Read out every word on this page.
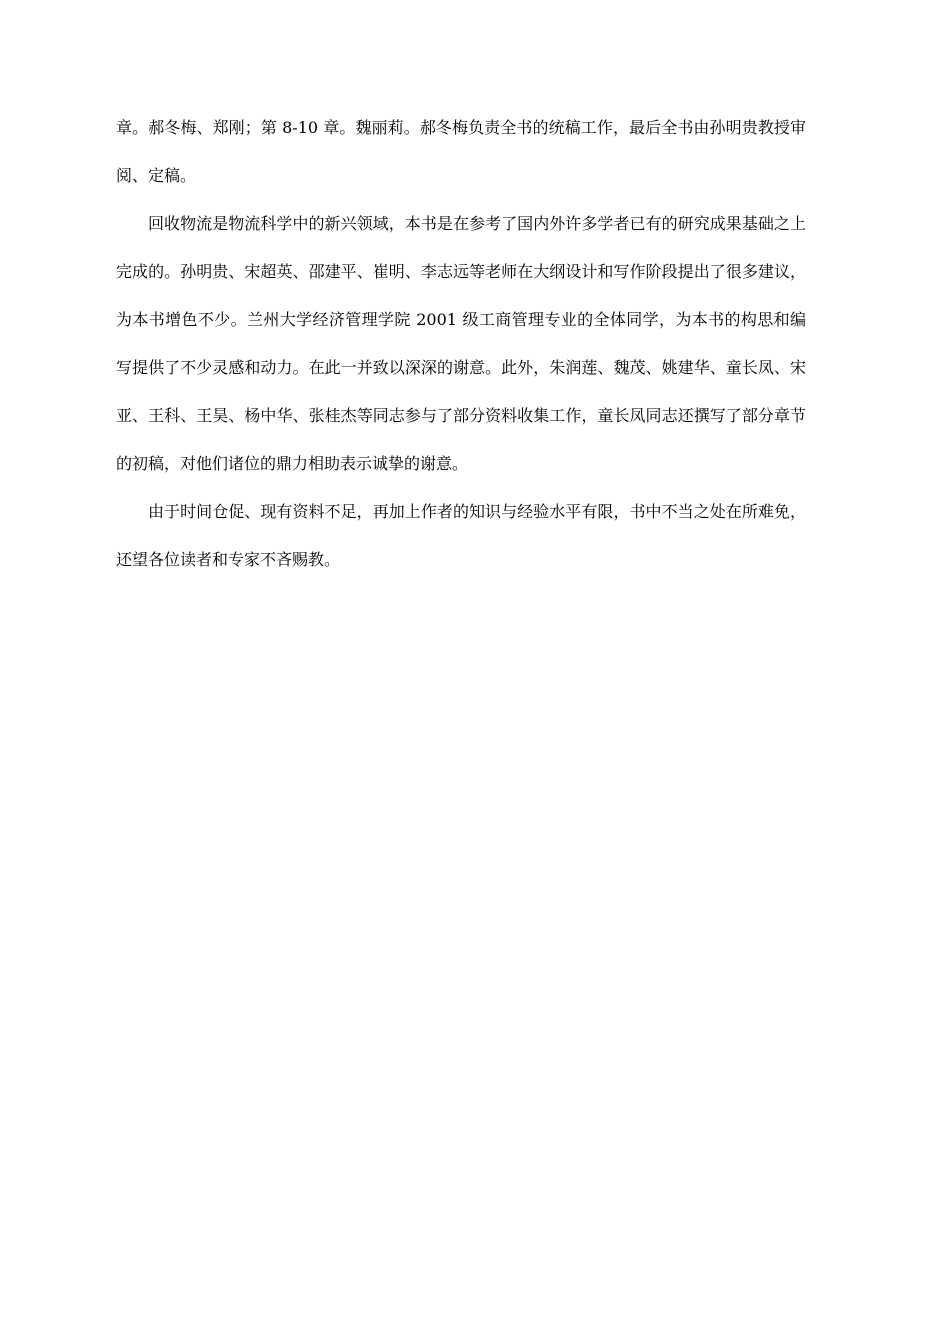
章。郝冬梅、郑刚；第 8-10 章。魏丽莉。郝冬梅负责全书的统稿工作，最后全书由孙明贵教授审阅、定稿。

回收物流是物流科学中的新兴领域，本书是在参考了国内外许多学者已有的研究成果基础之上完成的。孙明贵、宋超英、邵建平、崔明、李志远等老师在大纲设计和写作阶段提出了很多建议，为本书增色不少。兰州大学经济管理学院 2001 级工商管理专业的全体同学，为本书的构思和编写提供了不少灵感和动力。在此一并致以深深的谢意。此外，朱润莲、魏茂、姚建华、童长凤、宋亚、王科、王昊、杨中华、张桂杰等同志参与了部分资料收集工作，童长凤同志还撰写了部分章节的初稿，对他们诸位的鼎力相助表示诚挚的谢意。

由于时间仓促、现有资料不足，再加上作者的知识与经验水平有限，书中不当之处在所难免，还望各位读者和专家不吝赐教。
